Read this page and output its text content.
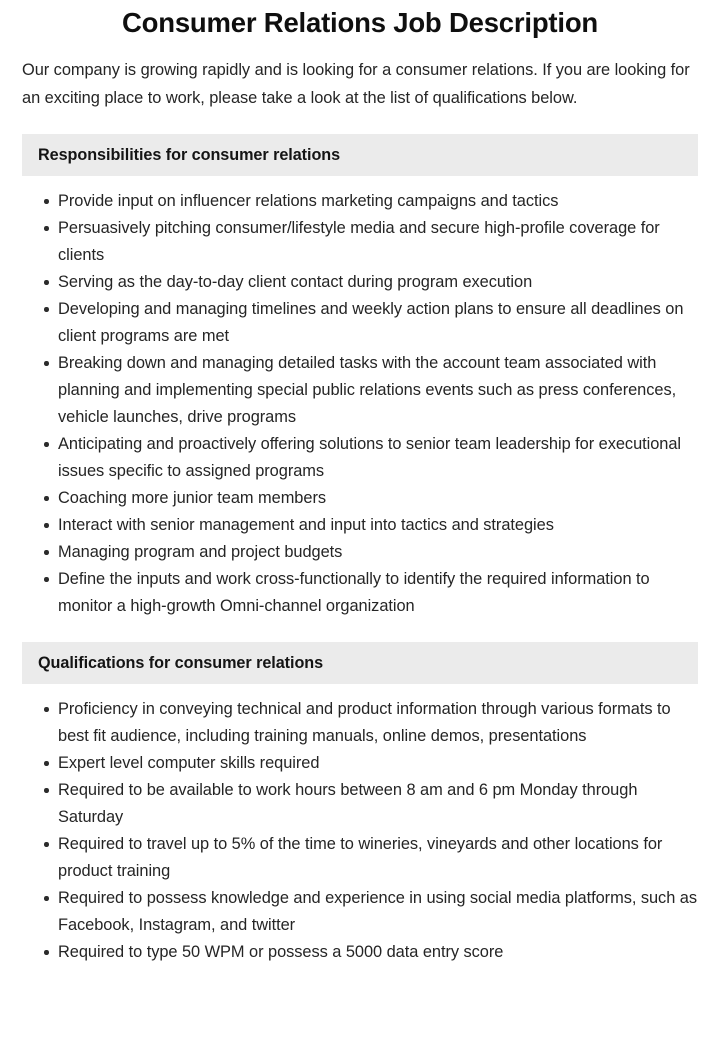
Consumer Relations Job Description

Our company is growing rapidly and is looking for a consumer relations. If you are looking for an exciting place to work, please take a look at the list of qualifications below.

Responsibilities for consumer relations
Provide input on influencer relations marketing campaigns and tactics
Persuasively pitching consumer/lifestyle media and secure high-profile coverage for clients
Serving as the day-to-day client contact during program execution
Developing and managing timelines and weekly action plans to ensure all deadlines on client programs are met
Breaking down and managing detailed tasks with the account team associated with planning and implementing special public relations events such as press conferences, vehicle launches, drive programs
Anticipating and proactively offering solutions to senior team leadership for executional issues specific to assigned programs
Coaching more junior team members
Interact with senior management and input into tactics and strategies
Managing program and project budgets
Define the inputs and work cross-functionally to identify the required information to monitor a high-growth Omni-channel organization
Qualifications for consumer relations
Proficiency in conveying technical and product information through various formats to best fit audience, including training manuals, online demos, presentations
Expert level computer skills required
Required to be available to work hours between 8 am and 6 pm Monday through Saturday
Required to travel up to 5% of the time to wineries, vineyards and other locations for product training
Required to possess knowledge and experience in using social media platforms, such as Facebook, Instagram, and twitter
Required to type 50 WPM or possess a 5000 data entry score
